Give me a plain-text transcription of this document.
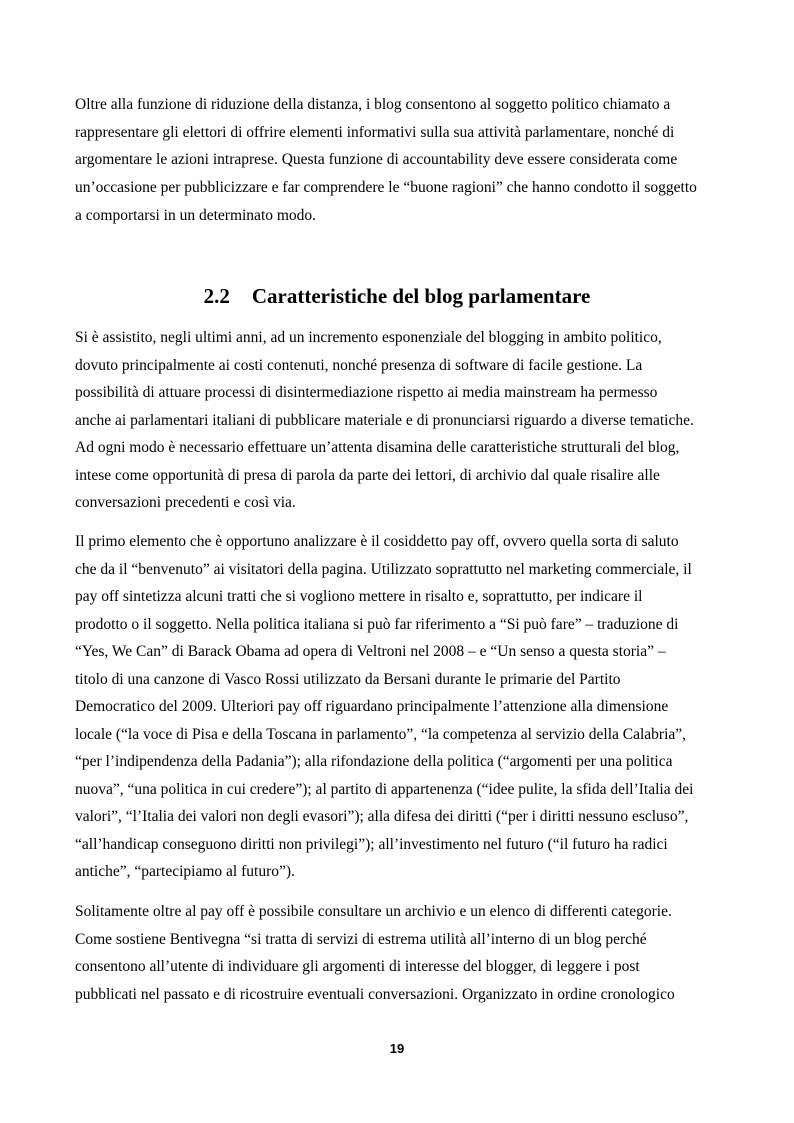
Oltre alla funzione di riduzione della distanza, i blog consentono al soggetto politico chiamato a
rappresentare gli elettori di offrire elementi informativi sulla sua attività parlamentare, nonché di
argomentare le azioni intraprese. Questa funzione di accountability deve essere considerata come
un’occasione per pubblicizzare e far comprendere le “buone ragioni” che hanno condotto il soggetto
a comportarsi in un determinato modo.
2.2 Caratteristiche del blog parlamentare
Si è assistito, negli ultimi anni, ad un incremento esponenziale del blogging in ambito politico,
dovuto principalmente ai costi contenuti, nonché presenza di software di facile gestione. La
possibilità di attuare processi di disintermediazione rispetto ai media mainstream ha permesso
anche ai parlamentari italiani di pubblicare materiale e di pronunciarsi riguardo a diverse tematiche.
Ad ogni modo è necessario effettuare un’attenta disamina delle caratteristiche strutturali del blog,
intese come opportunità di presa di parola da parte dei lettori, di archivio dal quale risalire alle
conversazioni precedenti e così via.
Il primo elemento che è opportuno analizzare è il cosiddetto pay off, ovvero quella sorta di saluto
che da il “benvenuto” ai visitatori della pagina. Utilizzato soprattutto nel marketing commerciale, il
pay off sintetizza alcuni tratti che si vogliono mettere in risalto e, soprattutto, per indicare il
prodotto o il soggetto. Nella politica italiana si può far riferimento a “Si può fare” – traduzione di
“Yes, We Can” di Barack Obama ad opera di Veltroni nel 2008 – e “Un senso a questa storia” –
titolo di una canzone di Vasco Rossi utilizzato da Bersani durante le primarie del Partito
Democratico del 2009. Ulteriori pay off riguardano principalmente l’attenzione alla dimensione
locale (“la voce di Pisa e della Toscana in parlamento”, “la competenza al servizio della Calabria”,
“per l’indipendenza della Padania”); alla rifondazione della politica (“argomenti per una politica
nuova”, “una politica in cui credere”); al partito di appartenenza (“idee pulite, la sfida dell’Italia dei
valori”, “l’Italia dei valori non degli evasori”); alla difesa dei diritti (“per i diritti nessuno escluso”,
“all’handicap conseguono diritti non privilegi”); all’investimento nel futuro (“il futuro ha radici
antiche”, “partecipiamo al futuro”).
Solitamente oltre al pay off è possibile consultare un archivio e un elenco di differenti categorie.
Come sostiene Bentivegna “si tratta di servizi di estrema utilità all’interno di un blog perché
consentono all’utente di individuare gli argomenti di interesse del blogger, di leggere i post
pubblicati nel passato e di ricostruire eventuali conversazioni. Organizzato in ordine cronologico
19
